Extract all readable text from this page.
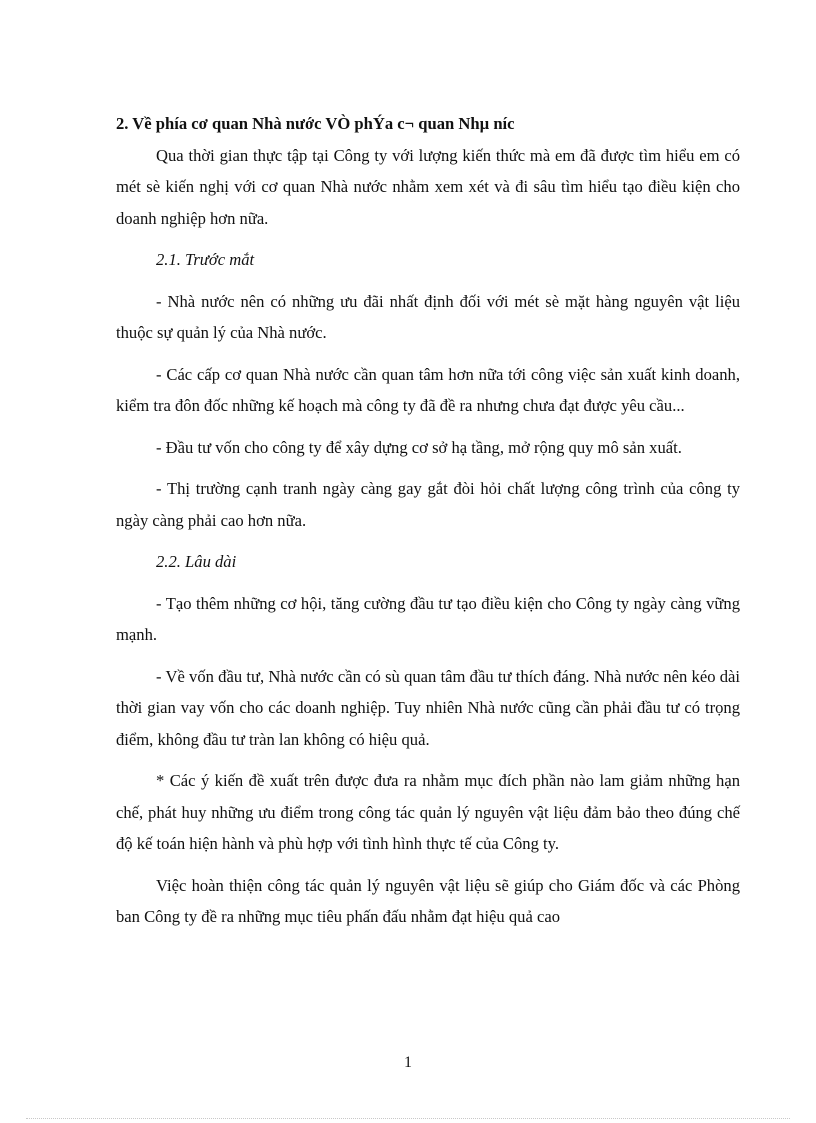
2. Về phía cơ quan Nhà nước VÒ phÝa c¬ quan Nhµ níc

Qua thời gian thực tập tại Công ty với lượng kiến thức mà em đã được tìm hiểu em có mét sè kiến nghị với cơ quan Nhà nước nhằm xem xét và đi sâu tìm hiểu tạo điều kiện cho doanh nghiệp hơn nữa.

2.1. Trước mắt

- Nhà nước nên có những ưu đãi nhất định đối với mét sè mặt hàng nguyên vật liệu thuộc sự quản lý của Nhà nước.

- Các cấp cơ quan Nhà nước cần quan tâm hơn nữa tới công việc sản xuất kinh doanh, kiểm tra đôn đốc những kế hoạch mà công ty đã đề ra nhưng chưa đạt được yêu cầu...

- Đầu tư vốn cho công ty để xây dựng cơ sở hạ tầng, mở rộng quy mô sản xuất.

- Thị trường cạnh tranh ngày càng gay gắt đòi hỏi chất lượng công trình của công ty ngày càng phải cao hơn nữa.

2.2. Lâu dài

- Tạo thêm những cơ hội, tăng cường đầu tư tạo điều kiện cho Công ty ngày càng vững mạnh.

- Về vốn đầu tư, Nhà nước cần có sù quan tâm đầu tư thích đáng. Nhà nước nên kéo dài thời gian vay vốn cho các doanh nghiệp. Tuy nhiên Nhà nước cũng cần phải đầu tư có trọng điểm, không đầu tư tràn lan không có hiệu quả.

* Các ý kiến đề xuất trên được đưa ra nhằm mục đích phần nào lam giảm những hạn chế, phát huy những ưu điểm trong công tác quản lý nguyên vật liệu đảm bảo theo đúng chế độ kế toán hiện hành và phù hợp với tình hình thực tế của Công ty.

Việc hoàn thiện công tác quản lý nguyên vật liệu sẽ giúp cho Giám đốc và các Phòng ban Công ty đề ra những mục tiêu phấn đấu nhằm đạt hiệu quả cao

1
